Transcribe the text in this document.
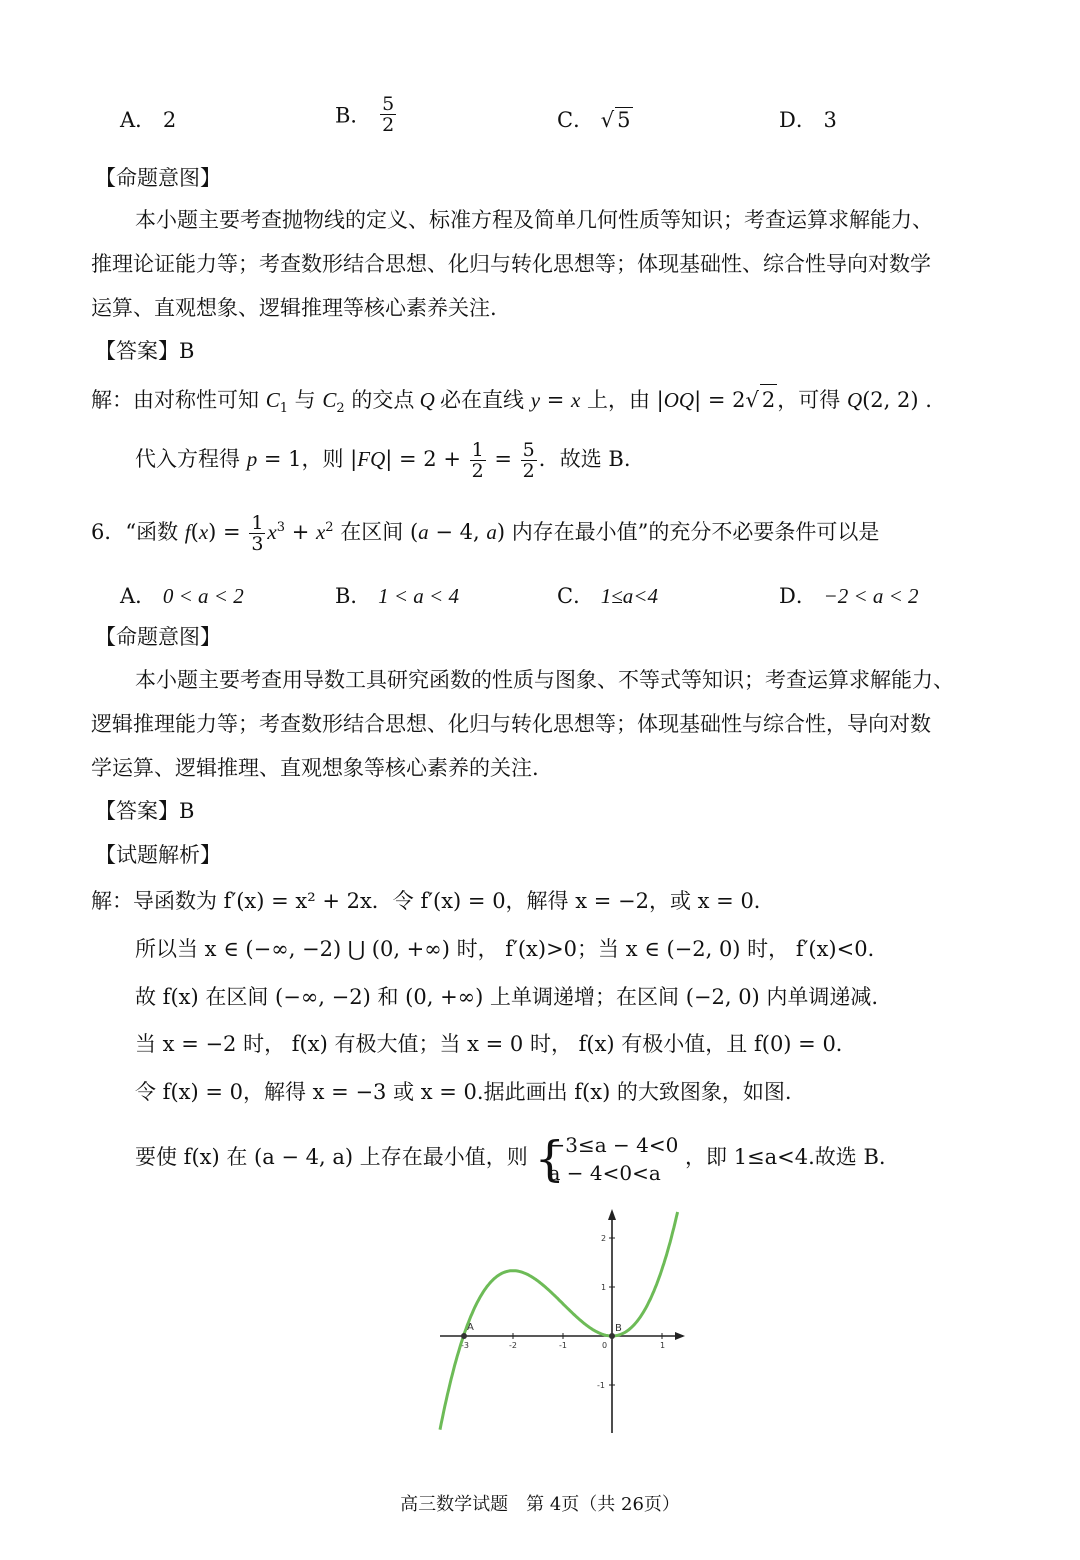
A． 2	B． $\frac{5}{2}$	C． √ 5	D． 3
【命题意图】
本小题主要考查抛物线的定义、标准方程及简单几何性质等知识；考查运算求解能力、
推理论证能力等；考查数形结合思想、化归与转化思想等；体现基础性、综合性导向对数学
运算、直观想象、逻辑推理等核心素养关注.
【答案】B
解：由对称性可知 $C_1$ 与 $C_2$ 的交点 Q 必在直线 y = x 上，由 |OQ| = 2√ 2，可得 Q(2, 2) .
代入方程得 p = 1，则 $|FQ| = 2 + \frac{1}{2} = \frac{5}{2}$ ．故选 B.
6．“函数 $f(x) = \frac{1}{3} x^3 + x^2$ 在区间 (a − 4, a) 内存在最小值”的充分不必要条件可以是
A． 0 < a < 2	B． 1 < a < 4	C． 1≤a<4	D． −2 < a < 2
【命题意图】
本小题主要考查用导数工具研究函数的性质与图象、不等式等知识；考查运算求解能力、
逻辑推理能力等；考查数形结合思想、化归与转化思想等；体现基础性与综合性，导向对数
学运算、逻辑推理、直观想象等核心素养的关注.
【答案】B
【试题解析】
解：导函数为 f′(x) = x² + 2x．令 f′(x) = 0，解得 x = −2，或 x = 0．
所以当 x ∈ (−∞, −2) ⋃ (0, +∞) 时， f′(x)>0；当 x ∈ (−2, 0) 时， f′(x)<0．
故 f(x) 在区间 (−∞, −2) 和 (0, +∞) 上单调递增；在区间 (−2, 0) 内单调递减.
当 x = −2 时， f(x) 有极大值；当 x = 0 时， f(x) 有极小值，且 f(0) = 0．
令 f(x) = 0，解得 x = −3 或 x = 0.据此画出 f(x) 的大致图象，如图.
要使 f(x) 在 (a − 4, a) 上存在最小值，则 {
−3≤a − 4<0
a − 4<0<a
，即 1≤a<4.故选 B.
-3	-2	-1	0	1
2
1
-1
A	B
高三数学试题　第 4页（共 26页）
